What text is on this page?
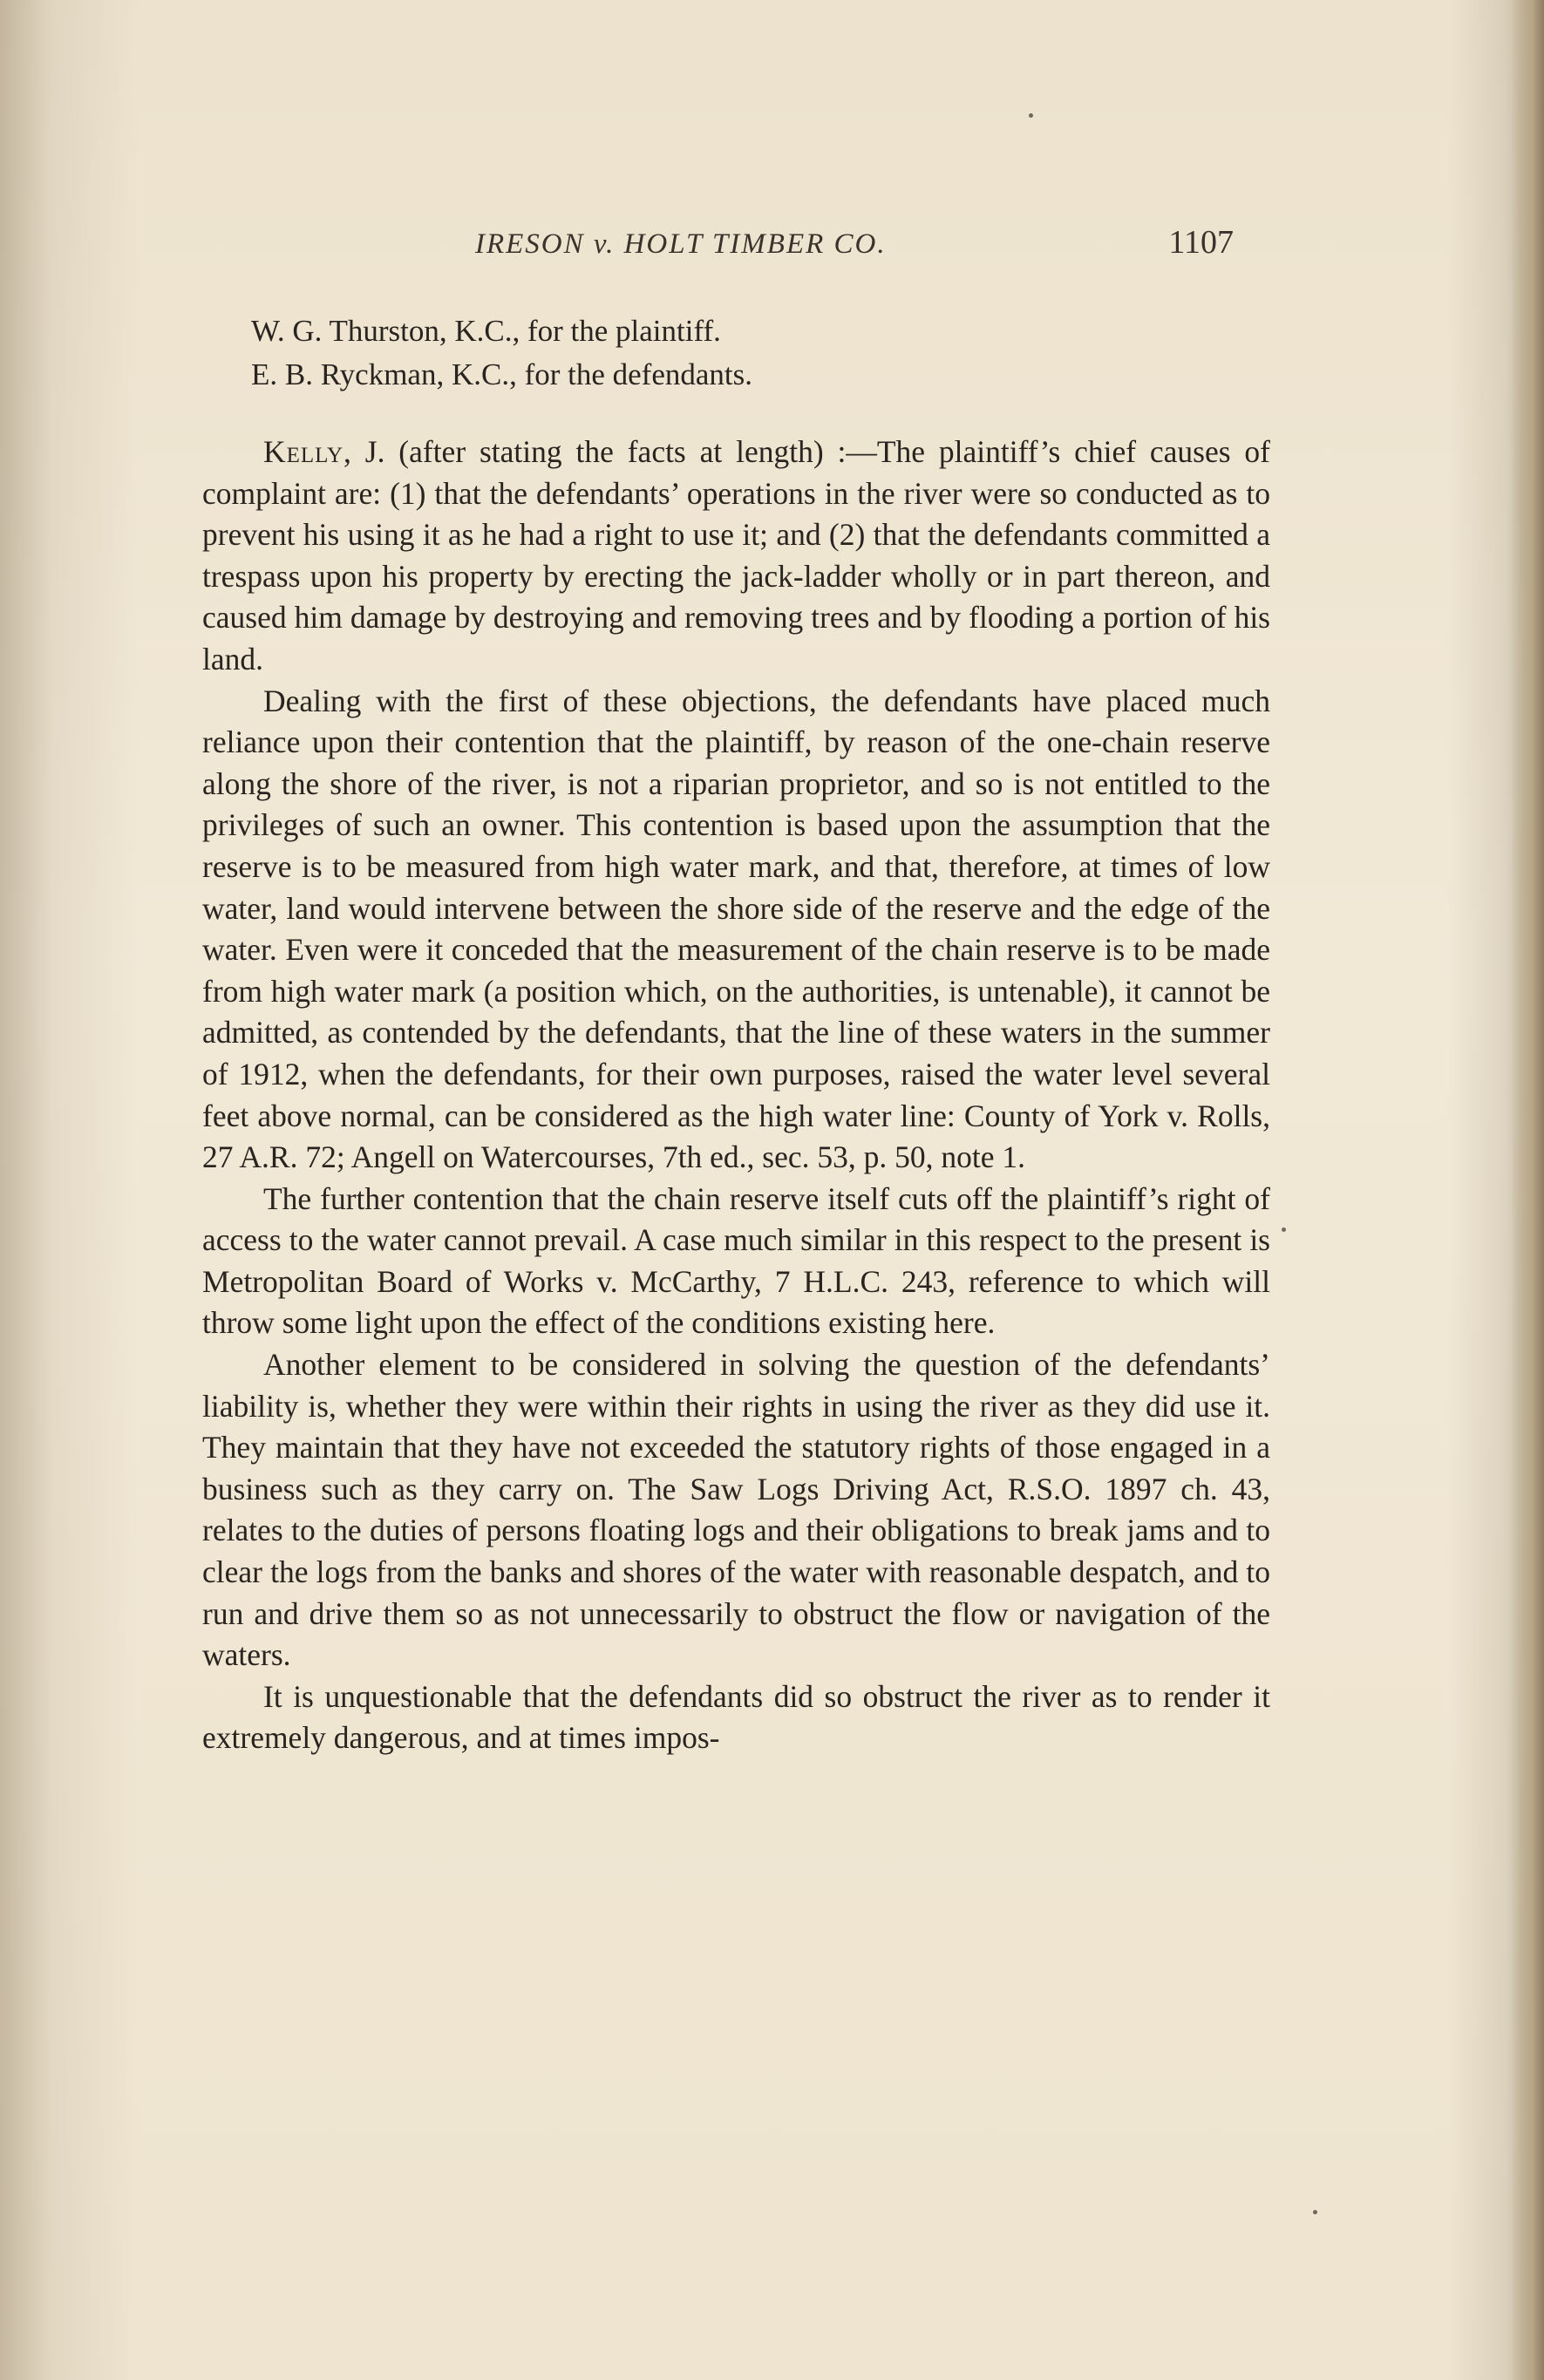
IRESON v. HOLT TIMBER CO.	1107
W. G. Thurston, K.C., for the plaintiff.
E. B. Ryckman, K.C., for the defendants.

Kelly, J. (after stating the facts at length) :—The plaintiff’s chief causes of complaint are: (1) that the defendants’ operations in the river were so conducted as to prevent his using it as he had a right to use it; and (2) that the defendants committed a trespass upon his property by erecting the jack-ladder wholly or in part thereon, and caused him damage by destroying and removing trees and by flooding a portion of his land.

Dealing with the first of these objections, the defendants have placed much reliance upon their contention that the plaintiff, by reason of the one-chain reserve along the shore of the river, is not a riparian proprietor, and so is not entitled to the privileges of such an owner. This contention is based upon the assumption that the reserve is to be measured from high water mark, and that, therefore, at times of low water, land would intervene between the shore side of the reserve and the edge of the water. Even were it conceded that the measurement of the chain reserve is to be made from high water mark (a position which, on the authorities, is untenable), it cannot be admitted, as contended by the defendants, that the line of these waters in the summer of 1912, when the defendants, for their own purposes, raised the water level several feet above normal, can be considered as the high water line: County of York v. Rolls, 27 A.R. 72; Angell on Watercourses, 7th ed., sec. 53, p. 50, note 1.

The further contention that the chain reserve itself cuts off the plaintiff’s right of access to the water cannot prevail. A case much similar in this respect to the present is Metropolitan Board of Works v. McCarthy, 7 H.L.C. 243, reference to which will throw some light upon the effect of the conditions existing here.

Another element to be considered in solving the question of the defendants’ liability is, whether they were within their rights in using the river as they did use it. They maintain that they have not exceeded the statutory rights of those engaged in a business such as they carry on. The Saw Logs Driving Act, R.S.O. 1897 ch. 43, relates to the duties of persons floating logs and their obligations to break jams and to clear the logs from the banks and shores of the water with reasonable despatch, and to run and drive them so as not unnecessarily to obstruct the flow or navigation of the waters.

It is unquestionable that the defendants did so obstruct the river as to render it extremely dangerous, and at times impos-
